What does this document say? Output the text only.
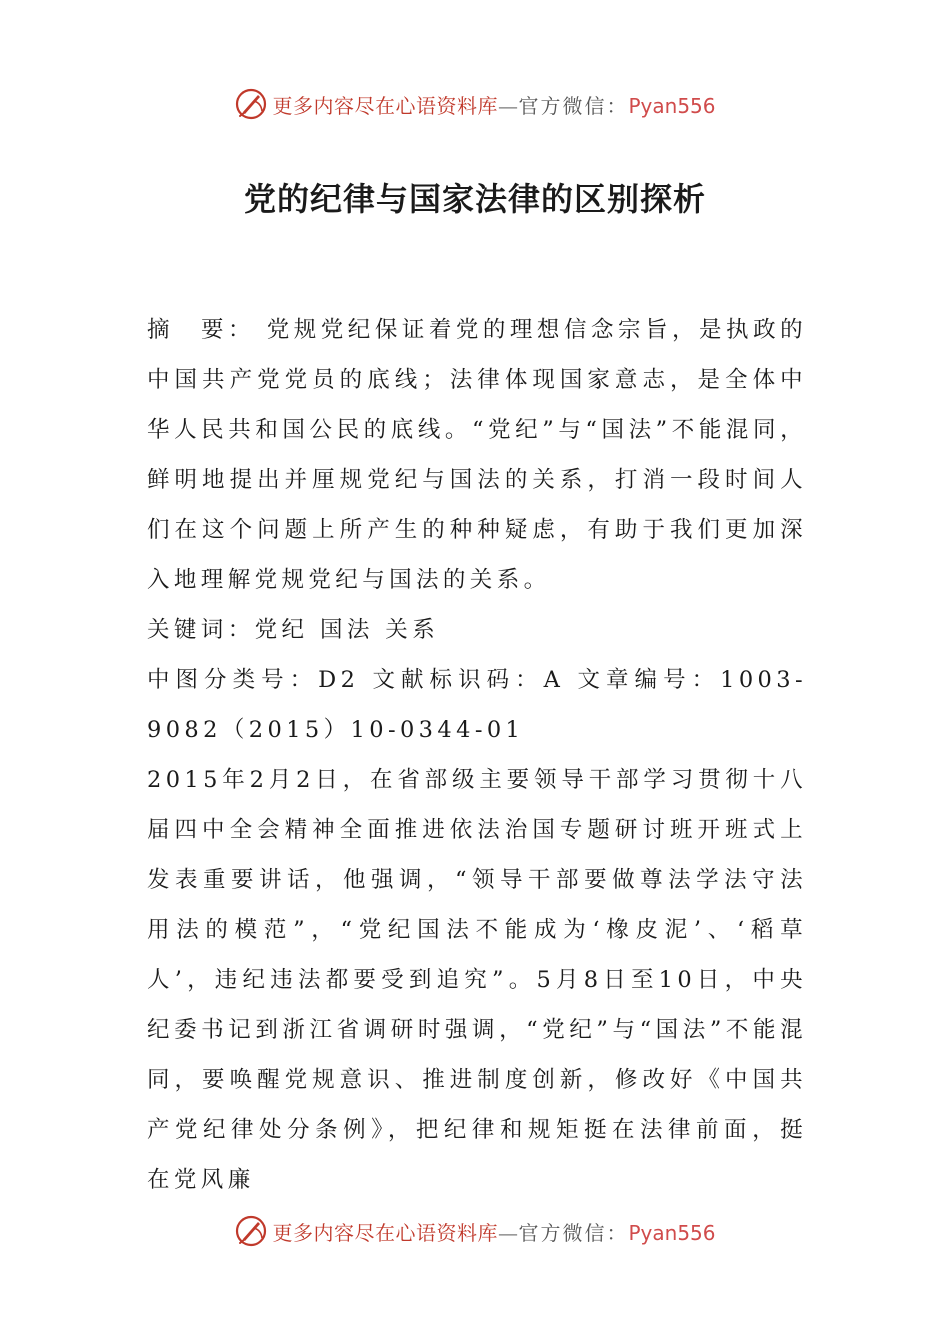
更多内容尽在心语资料库—官方微信：Pyan556
党的纪律与国家法律的区别探析

摘　要： 党规党纪保证着党的理想信念宗旨，是执政的中国共产党党员的底线；法律体现国家意志，是全体中华人民共和国公民的底线。“党纪”与“国法”不能混同，鲜明地提出并厘规党纪与国法的关系，打消一段时间人们在这个问题上所产生的种种疑虑，有助于我们更加深入地理解党规党纪与国法的关系。

关键词：党纪 国法 关系

中图分类号：D2 文献标识码：A 文章编号：1003-9082（2015）10-0344-01

2015年2月2日，在省部级主要领导干部学习贯彻十八届四中全会精神全面推进依法治国专题研讨班开班式上发表重要讲话，他强调，“领导干部要做尊法学法守法用法的模范”，“党纪国法不能成为‘橡皮泥’、‘稻草人’，违纪违法都要受到追究”。5月8日至10日，中央纪委书记到浙江省调研时强调，“党纪”与“国法”不能混同，要唤醒党规意识、推进制度创新，修改好《中国共产党纪律处分条例》，把纪律和规矩挺在法律前面，挺在党风廉

更多内容尽在心语资料库—官方微信：Pyan556
